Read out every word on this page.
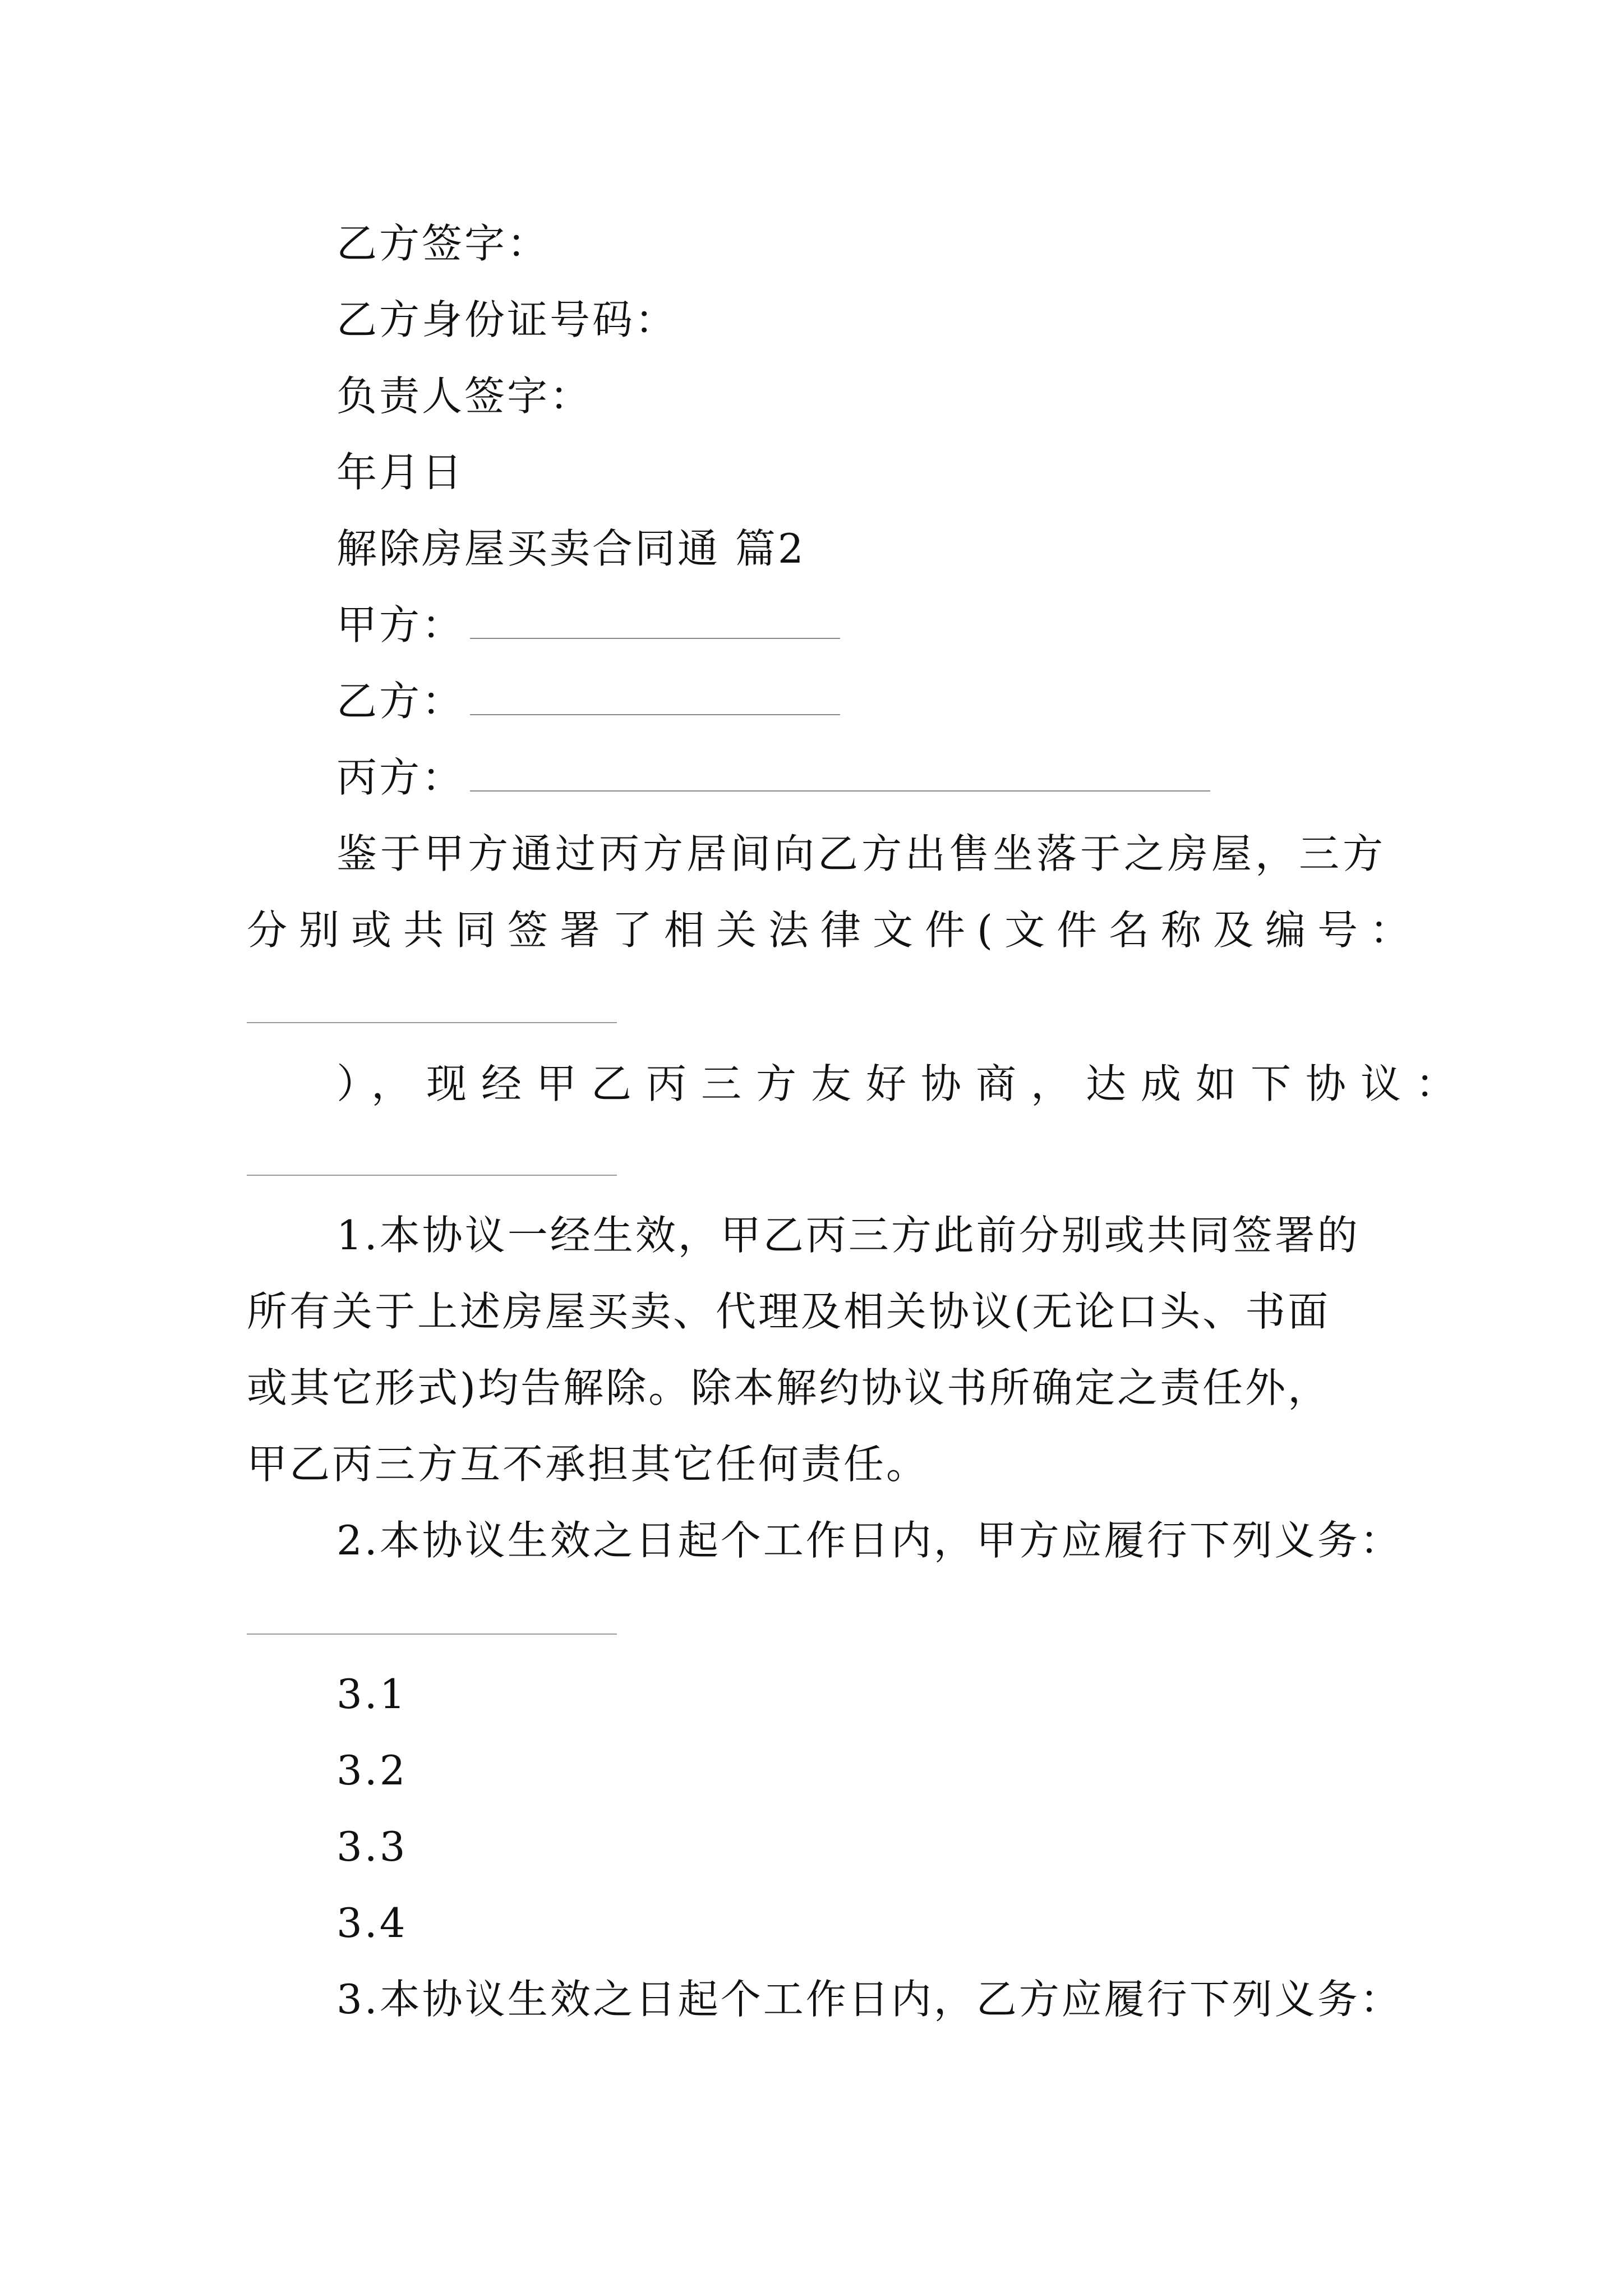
乙方签字：
乙方身份证号码：
负责人签字：
年月日
解除房屋买卖合同通 篇2
甲方：
乙方：
丙方：
鉴于甲方通过丙方居间向乙方出售坐落于之房屋，三方
分别或共同签署了相关法律文件(文件名称及编号：
），现经甲乙丙三方友好协商，达成如下协议：
1.本协议一经生效，甲乙丙三方此前分别或共同签署的
所有关于上述房屋买卖、代理及相关协议(无论口头、书面
或其它形式)均告解除。除本解约协议书所确定之责任外，
甲乙丙三方互不承担其它任何责任。
2.本协议生效之日起个工作日内，甲方应履行下列义务：
3.1
3.2
3.3
3.4
3.本协议生效之日起个工作日内，乙方应履行下列义务：
